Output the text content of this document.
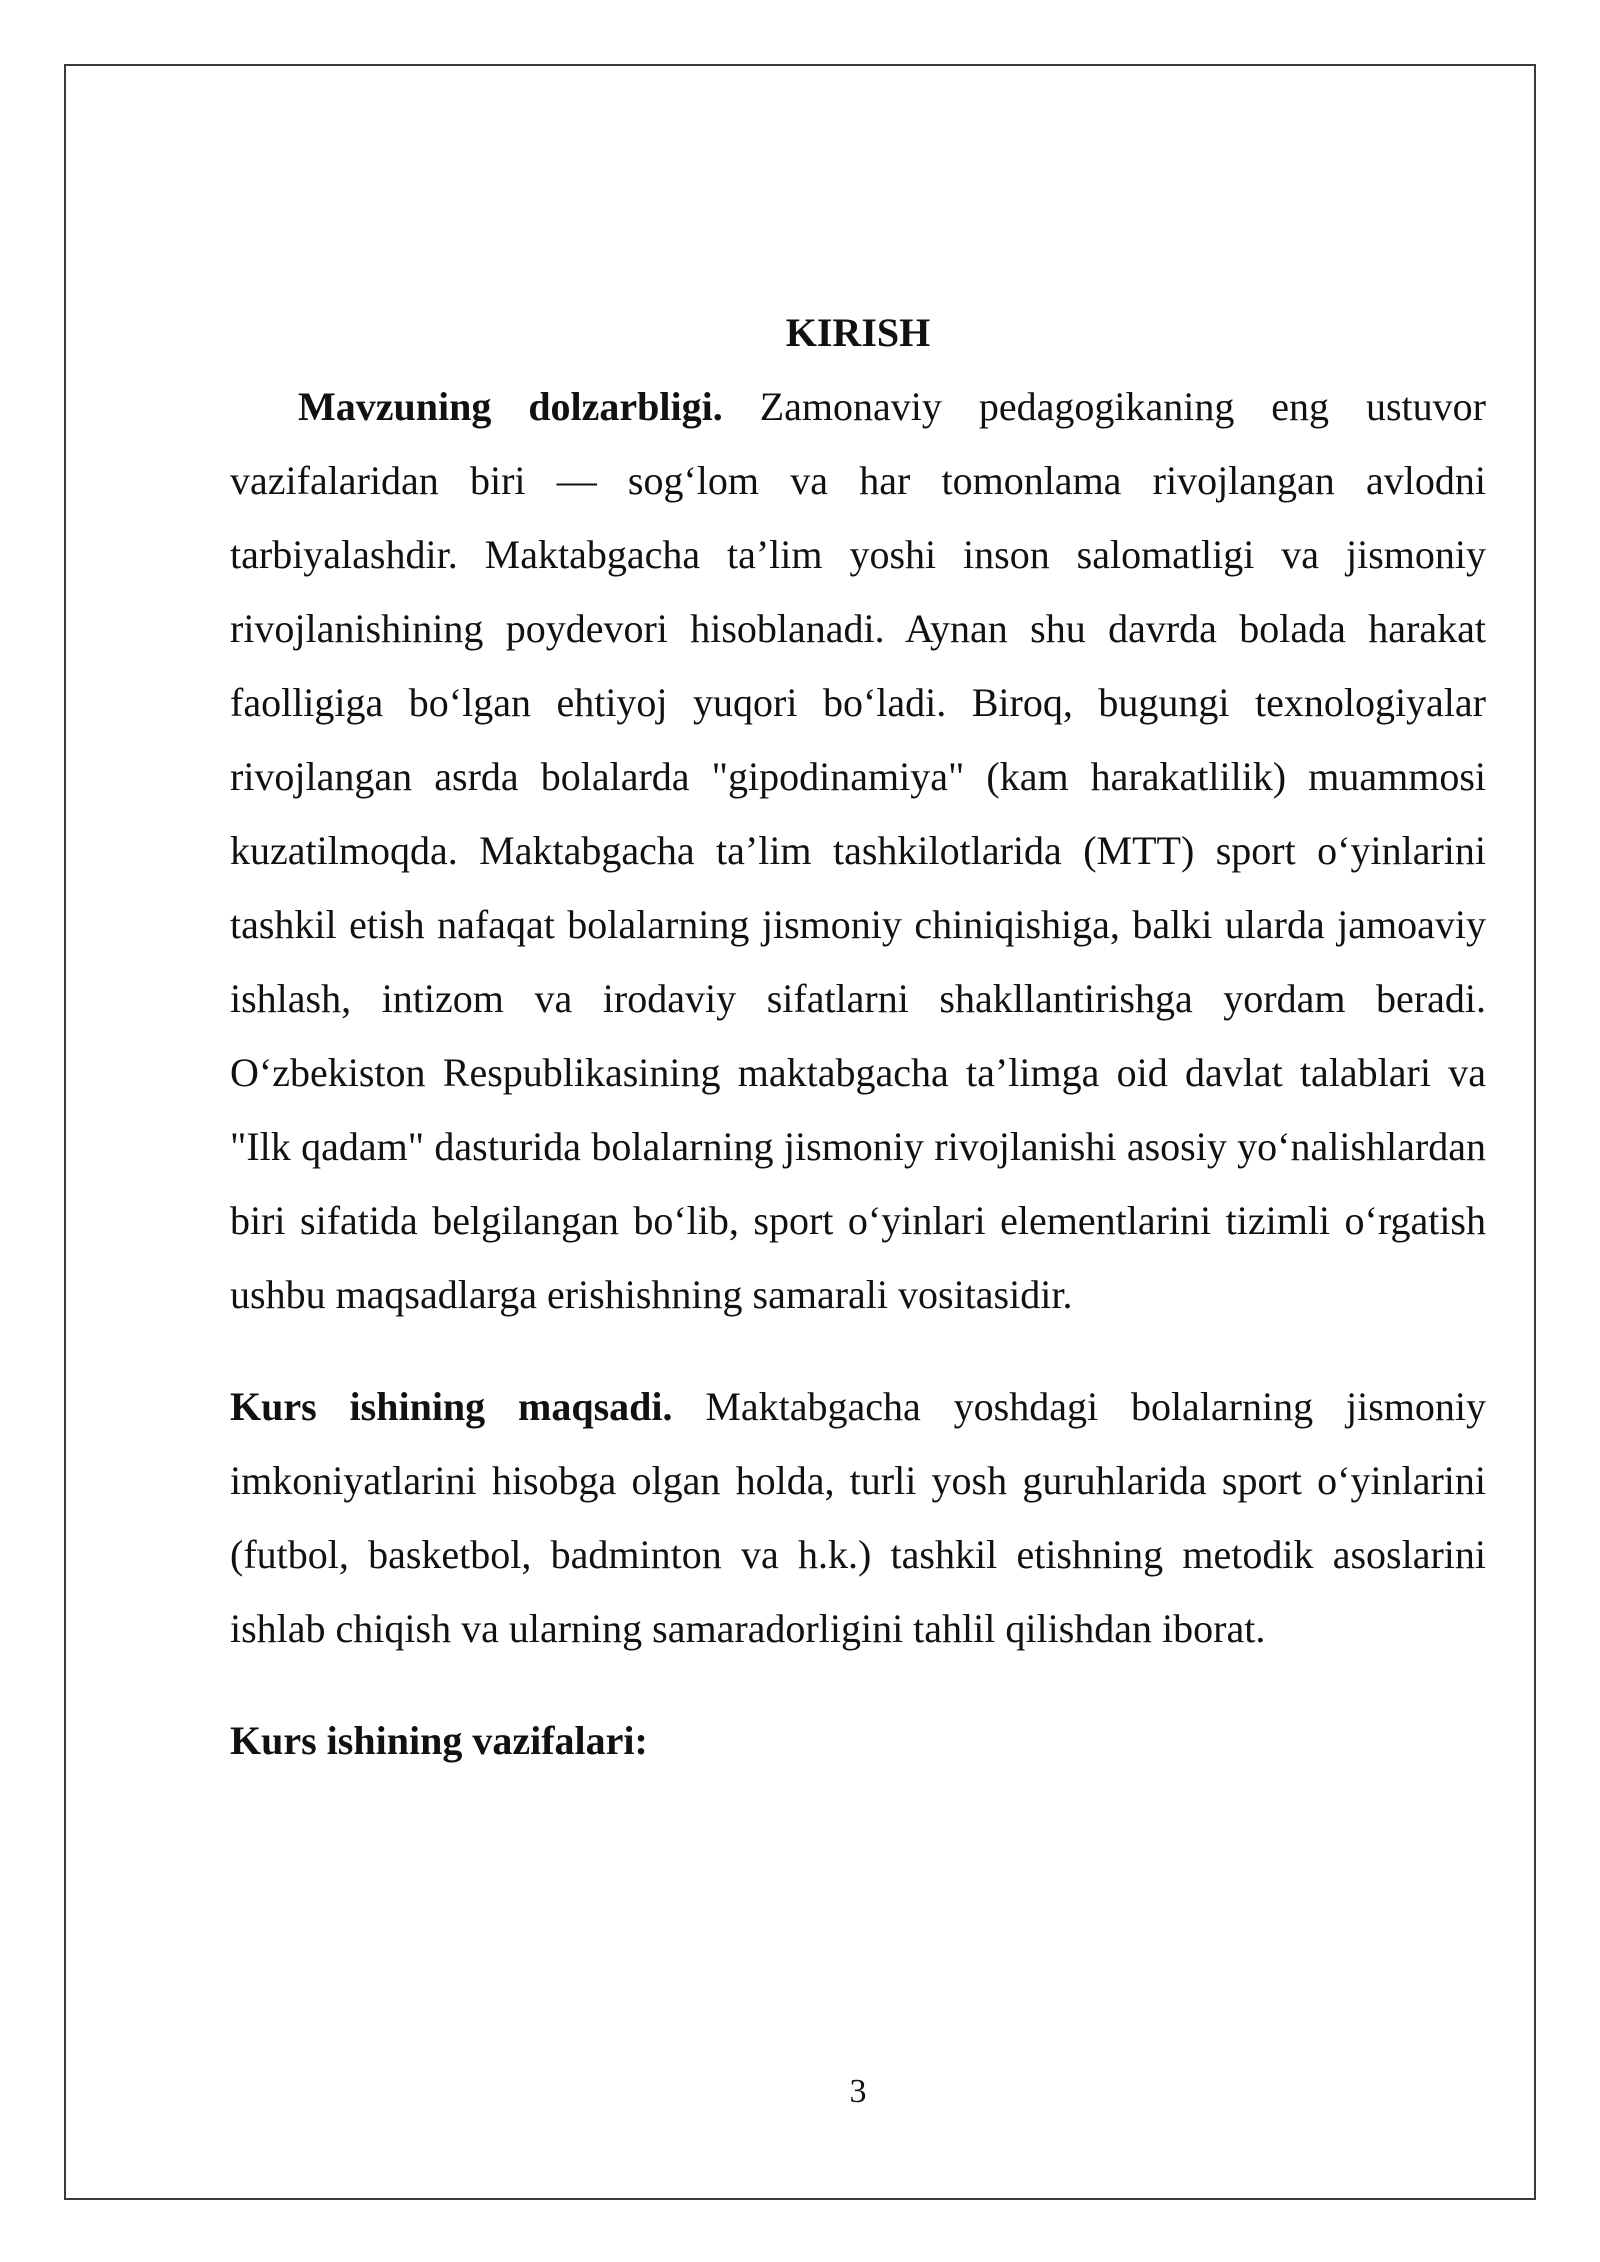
KIRISH

Mavzuning dolzarbligi. Zamonaviy pedagogikaning eng ustuvor vazifalaridan biri — sog‘lom va har tomonlama rivojlangan avlodni tarbiyalashdir. Maktabgacha ta’lim yoshi inson salomatligi va jismoniy rivojlanishining poydevori hisoblanadi. Aynan shu davrda bolada harakat faolligiga bo‘lgan ehtiyoj yuqori bo‘ladi. Biroq, bugungi texnologiyalar rivojlangan asrda bolalarda "gipodinamiya" (kam harakatlilik) muammosi kuzatilmoqda. Maktabgacha ta’lim tashkilotlarida (MTT) sport o‘yinlarini tashkil etish nafaqat bolalarning jismoniy chiniqishiga, balki ularda jamoaviy ishlash, intizom va irodaviy sifatlarni shakllantirishga yordam beradi. O‘zbekiston Respublikasining maktabgacha ta’limga oid davlat talablari va "Ilk qadam" dasturida bolalarning jismoniy rivojlanishi asosiy yo‘nalishlardan biri sifatida belgilangan bo‘lib, sport o‘yinlari elementlarini tizimli o‘rgatish ushbu maqsadlarga erishishning samarali vositasidir.

Kurs ishining maqsadi. Maktabgacha yoshdagi bolalarning jismoniy imkoniyatlarini hisobga olgan holda, turli yosh guruhlarida sport o‘yinlarini (futbol, basketbol, badminton va h.k.) tashkil etishning metodik asoslarini ishlab chiqish va ularning samaradorligini tahlil qilishdan iborat.

Kurs ishining vazifalari:

3
